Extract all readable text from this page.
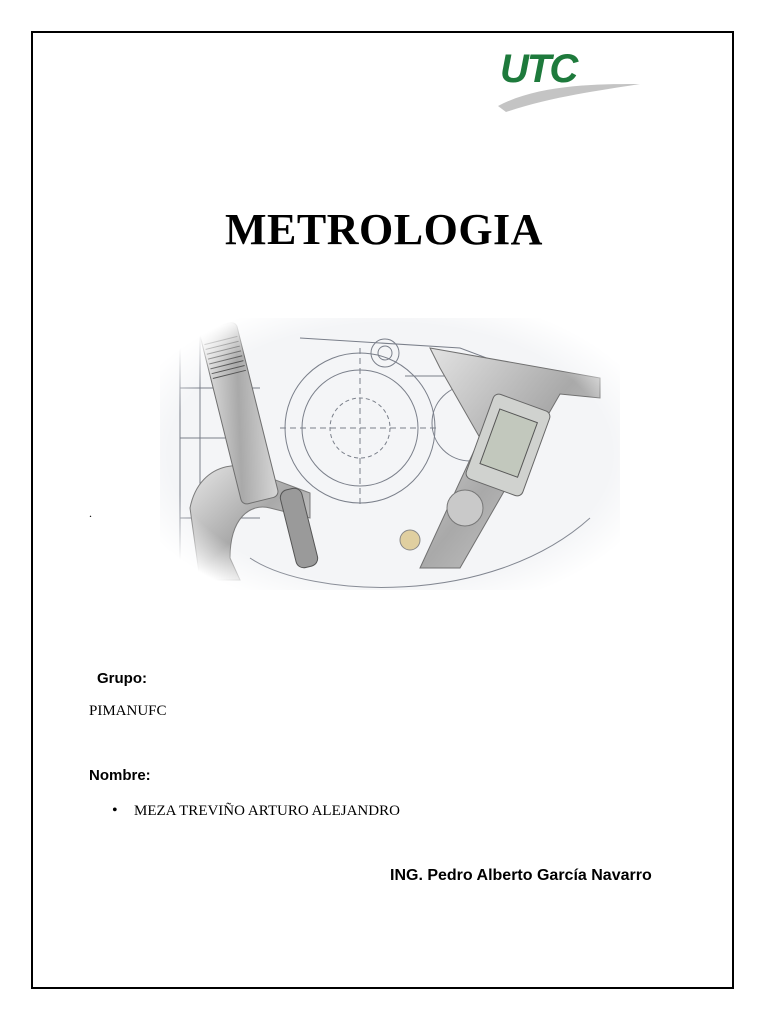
UTC
METROLOGIA
.
Grupo:
PIMANUFC
Nombre:
• MEZA TREVIÑO ARTURO ALEJANDRO
ING. Pedro Alberto García Navarro
